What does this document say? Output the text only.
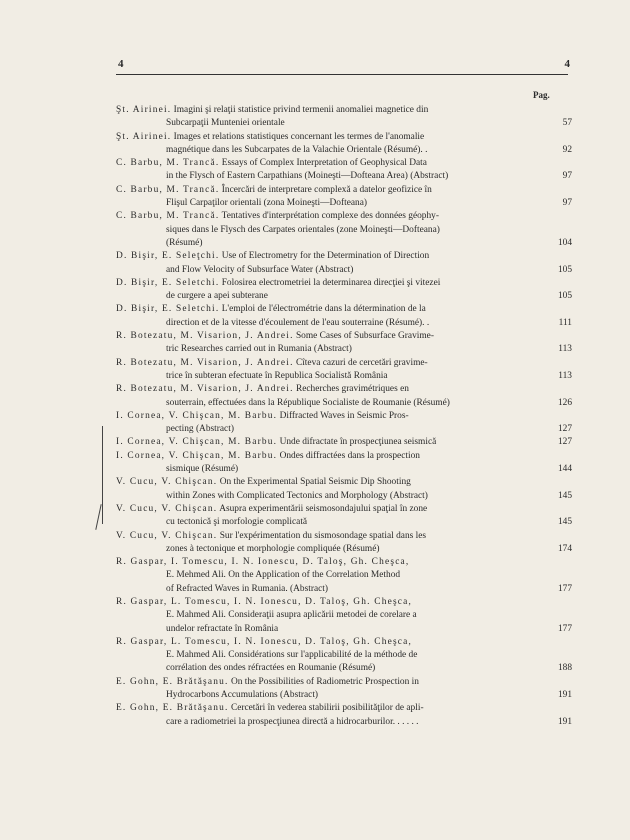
4	4
Pag.
Şt. Airinei. Imagini şi relaţii statistice privind termenii anomaliei magnetice din
Subcarpaţii Munteniei orientale	57
Şt. Airinei. Images et relations statistiques concernant les termes de l'anomalie
magnétique dans les Subcarpates de la Valachie Orientale (Résumé). .	92
C. Barbu, M. Trancă. Essays of Complex Interpretation of Geophysical Data
in the Flysch of Eastern Carpathians (Moineşti—Dofteana Area) (Abstract)	97
C. Barbu, M. Trancă. Încercări de interpretare complexă a datelor geofizice în
Flişul Carpaţilor orientali (zona Moineşti—Dofteana)	97
C. Barbu, M. Trancă. Tentatives d'interprétation complexe des données géophy-
siques dans le Flysch des Carpates orientales (zone Moineşti—Dofteana)
(Résumé)	104
D. Bişir, E. Seleţchi. Use of Electrometry for the Determination of Direction
and Flow Velocity of Subsurface Water (Abstract)	105
D. Bişir, E. Seletchi. Folosirea electrometriei la determinarea direcţiei şi vitezei
de curgere a apei subterane	105
D. Bişir, E. Seletchi. L'emploi de l'électrométrie dans la détermination de la
direction et de la vitesse d'écoulement de l'eau souterraine (Résumé). .	111
R. Botezatu, M. Visarion, J. Andrei. Some Cases of Subsurface Gravime-
tric Researches carried out in Rumania (Abstract)	113
R. Botezatu, M. Visarion, J. Andrei. Cîteva cazuri de cercetări gravime-
trice în subteran efectuate în Republica Socialistă România	113
R. Botezatu, M. Visarion, J. Andrei. Recherches gravimétriques en
souterrain, effectuées dans la République Socialiste de Roumanie (Résumé)	126
I. Cornea, V. Chişcan, M. Barbu. Diffracted Waves in Seismic Pros-
pecting (Abstract)	127
I. Cornea, V. Chişcan, M. Barbu. Unde difractate în prospecţiunea seismică	127
I. Cornea, V. Chişcan, M. Barbu. Ondes diffractées dans la prospection
sismique (Résumé)	144
V. Cucu, V. Chişcan. On the Experimental Spatial Seismic Dip Shooting
within Zones with Complicated Tectonics and Morphology (Abstract)	145
V. Cucu, V. Chişcan. Asupra experimentării seismosondajului spaţial în zone
cu tectonică şi morfologie complicată	145
V. Cucu, V. Chişcan. Sur l'expérimentation du sismosondage spatial dans les
zones à tectonique et morphologie compliquée (Résumé)	174
R. Gaspar, I. Tomescu, I. N. Ionescu, D. Taloş, Gh. Cheşca,
E. Mehmed Ali. On the Application of the Correlation Method
of Refracted Waves in Rumania. (Abstract)	177
R. Gaspar, L. Tomescu, I. N. Ionescu, D. Taloş, Gh. Cheşca,
E. Mahmed Ali. Consideraţii asupra aplicării metodei de corelare a
undelor refractate în România	177
R. Gaspar, L. Tomescu, I. N. Ionescu, D. Taloş, Gh. Cheşca,
E. Mahmed Ali. Considérations sur l'applicabilité de la méthode de
corrélation des ondes réfractées en Roumanie (Résumé)	188
E. Gohn, E. Brătăşanu. On the Possibilities of Radiometric Prospection in
Hydrocarbons Accumulations (Abstract)	191
E. Gohn, E. Brătăşanu. Cercetări în vederea stabilirii posibilităţilor de apli-
care a radiometriei la prospecţiunea directă a hidrocarburilor. . . . . .	191
